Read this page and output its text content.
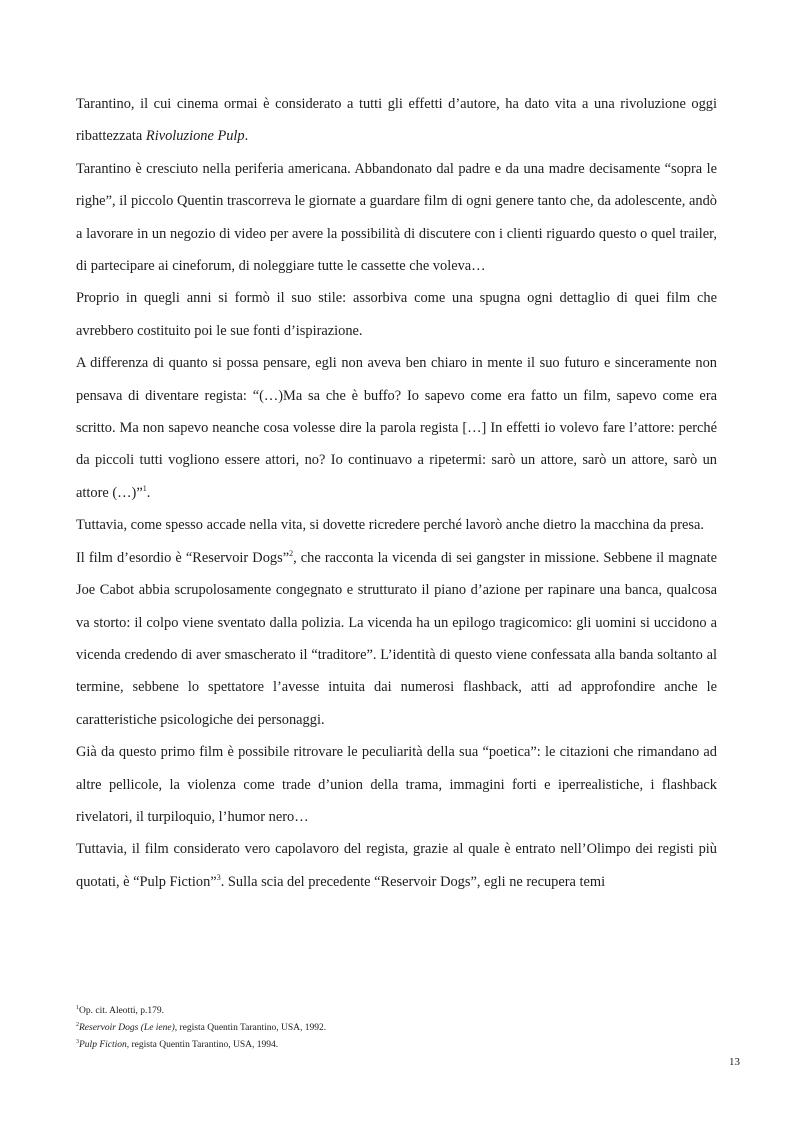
Tarantino, il cui cinema ormai è considerato a tutti gli effetti d’autore, ha dato vita a una rivoluzione oggi ribattezzata Rivoluzione Pulp.

Tarantino è cresciuto nella periferia americana. Abbandonato dal padre e da una madre decisamente “sopra le righe”, il piccolo Quentin trascorreva le giornate a guardare film di ogni genere tanto che, da adolescente, andò a lavorare in un negozio di video per avere la possibilità di discutere con i clienti riguardo questo o quel trailer, di partecipare ai cineforum, di noleggiare tutte le cassette che voleva…

Proprio in quegli anni si formò il suo stile: assorbiva come una spugna ogni dettaglio di quei film che avrebbero costituito poi le sue fonti d’ispirazione.

A differenza di quanto si possa pensare, egli non aveva ben chiaro in mente il suo futuro e sinceramente non pensava di diventare regista: “(…)Ma sa che è buffo? Io sapevo come era fatto un film, sapevo come era scritto. Ma non sapevo neanche cosa volesse dire la parola regista […] In effetti io volevo fare l’attore: perché da piccoli tutti vogliono essere attori, no? Io continuavo a ripetermi: sarò un attore, sarò un attore, sarò un attore (…)”$^1$.

Tuttavia, come spesso accade nella vita, si dovette ricredere perché lavorò anche dietro la macchina da presa.

Il film d’esordio è “Reservoir Dogs”$^2$, che racconta la vicenda di sei gangster in missione. Sebbene il magnate Joe Cabot abbia scrupolosamente congegnato e strutturato il piano d’azione per rapinare una banca, qualcosa va storto: il colpo viene sventato dalla polizia. La vicenda ha un epilogo tragicomico: gli uomini si uccidono a vicenda credendo di aver smascherato il “traditore”. L’identità di questo viene confessata alla banda soltanto al termine, sebbene lo spettatore l’avesse intuita dai numerosi flashback, atti ad approfondire anche le caratteristiche psicologiche dei personaggi.

Già da questo primo film è possibile ritrovare le peculiarità della sua “poetica”: le citazioni che rimandano ad altre pellicole, la violenza come trade d’union della trama, immagini forti e iperrealistiche, i flashback rivelatori, il turpiloquio, l’humor nero…

Tuttavia, il film considerato vero capolavoro del regista, grazie al quale è entrato nell’Olimpo dei registi più quotati, è “Pulp Fiction”$^3$. Sulla scia del precedente “Reservoir Dogs”, egli ne recupera temi

$^1$Op. cit. Aleotti, p.179.

$^2$Reservoir Dogs (Le iene), regista Quentin Tarantino, USA, 1992.

$^3$Pulp Fiction, regista Quentin Tarantino, USA, 1994.

13
